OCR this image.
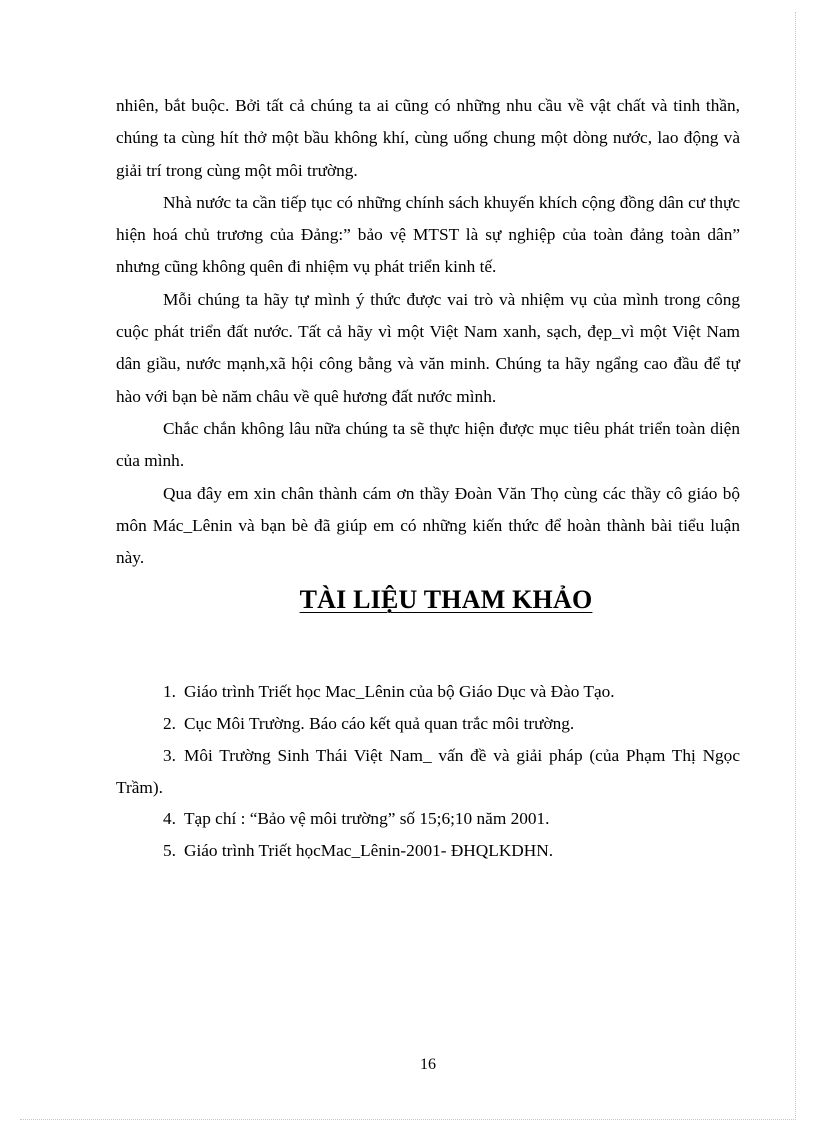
nhiên, bắt buộc. Bởi tất cả chúng ta ai cũng có những nhu cầu về vật chất và tinh thần, chúng ta cùng hít thở một bầu không khí, cùng uống chung một dòng nước, lao động và giải trí trong cùng một môi trường.

Nhà nước ta cần tiếp tục có những chính sách khuyến khích cộng đồng dân cư thực hiện hoá chủ trương của Đảng:” bảo vệ MTST là sự nghiệp của toàn đảng toàn dân” nhưng cũng không quên đi nhiệm vụ phát triển kinh tế.

Mỗi chúng ta hãy tự mình ý thức được vai trò và nhiệm vụ của mình trong công cuộc phát triển đất nước. Tất cả hãy vì một Việt Nam xanh, sạch, đẹp_vì một Việt Nam dân giầu, nước mạnh,xã hội công bằng và văn minh. Chúng ta hãy ngẩng cao đầu để tự hào với bạn bè năm châu về quê hương đất nước mình.

Chắc chắn không lâu nữa chúng ta sẽ thực hiện được mục tiêu phát triển toàn diện của mình.

Qua đây em xin chân thành cám ơn thầy Đoàn Văn Thọ cùng các thầy cô giáo bộ môn Mác_Lênin và bạn bè đã giúp em có những kiến thức để hoàn thành bài tiểu luận này.

TÀI LIỆU THAM KHẢO
1. Giáo trình Triết học Mac_Lênin của bộ Giáo Dục và Đào Tạo.
2. Cục Môi Trường. Báo cáo kết quả quan trắc môi trường.
3. Môi Trường Sinh Thái Việt Nam_ vấn đề và giải pháp (của Phạm Thị Ngọc Trầm).
4. Tạp chí : “Bảo vệ môi trường” số 15;6;10 năm 2001.
5. Giáo trình Triết họcMac_Lênin-2001- ĐHQLKDHN.
16
